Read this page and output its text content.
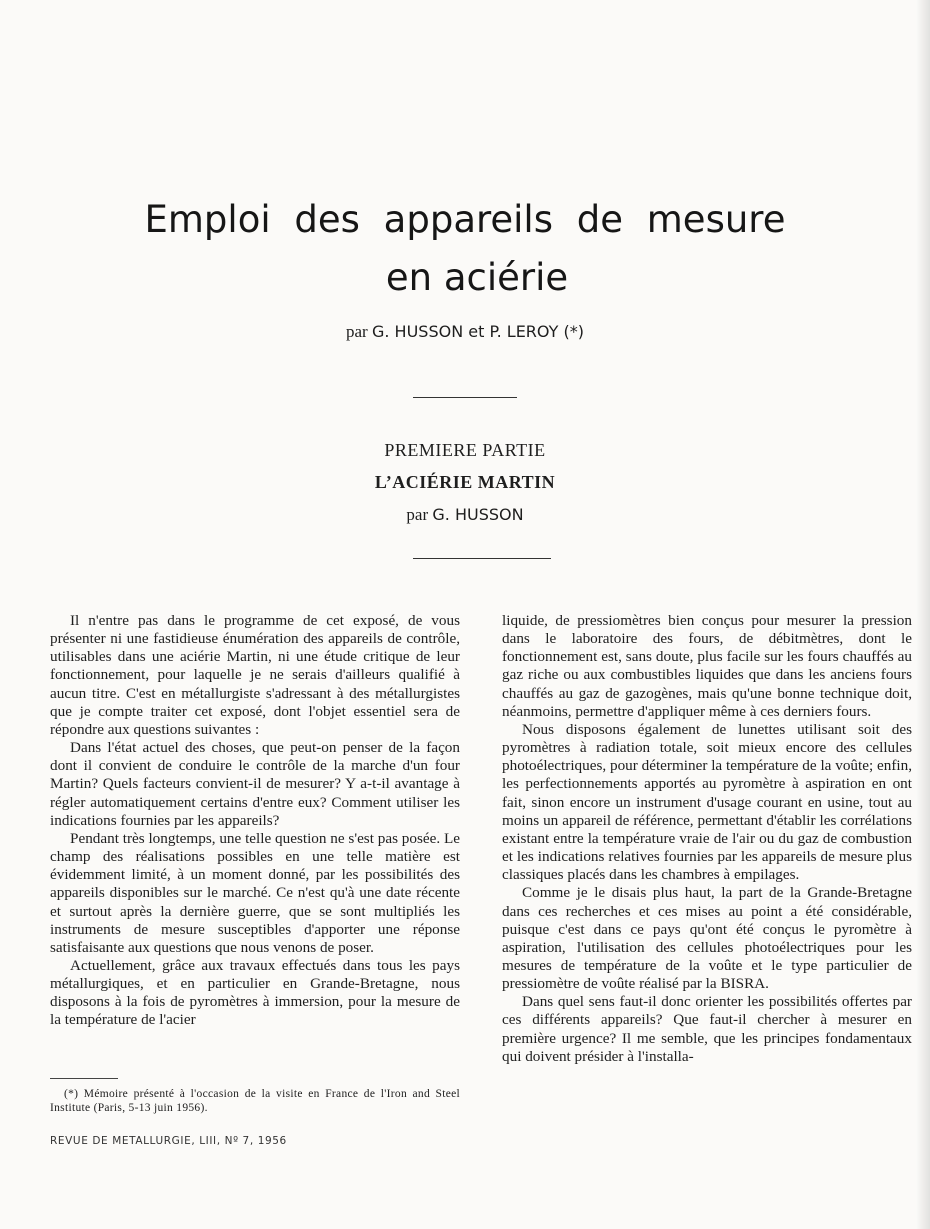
Emploi des appareils de mesure
en aciérie
par G. HUSSON et P. LEROY (*)
PREMIERE PARTIE
L’ACIÉRIE MARTIN
par G. HUSSON

Il n'entre pas dans le programme de cet exposé, de vous présenter ni une fastidieuse énumération des appareils de contrôle, utilisables dans une aciérie Martin, ni une étude critique de leur fonctionnement, pour laquelle je ne serais d'ailleurs qualifié à aucun titre. C'est en métallurgiste s'adressant à des métallurgistes que je compte traiter cet exposé, dont l'objet essentiel sera de répondre aux questions suivantes :

Dans l'état actuel des choses, que peut-on penser de la façon dont il convient de conduire le contrôle de la marche d'un four Martin? Quels facteurs convient-il de mesurer? Y a-t-il avantage à régler automatiquement certains d'entre eux? Comment utiliser les indications fournies par les appareils?

Pendant très longtemps, une telle question ne s'est pas posée. Le champ des réalisations possibles en une telle matière est évidemment limité, à un moment donné, par les possibilités des appareils disponibles sur le marché. Ce n'est qu'à une date récente et surtout après la dernière guerre, que se sont multipliés les instruments de mesure susceptibles d'apporter une réponse satisfaisante aux questions que nous venons de poser.

Actuellement, grâce aux travaux effectués dans tous les pays métallurgiques, et en particulier en Grande-Bretagne, nous disposons à la fois de pyromètres à immersion, pour la mesure de la température de l'acier

liquide, de pressiomètres bien conçus pour mesurer la pression dans le laboratoire des fours, de débitmètres, dont le fonctionnement est, sans doute, plus facile sur les fours chauffés au gaz riche ou aux combustibles liquides que dans les anciens fours chauffés au gaz de gazogènes, mais qu'une bonne technique doit, néanmoins, permettre d'appliquer même à ces derniers fours.

Nous disposons également de lunettes utilisant soit des pyromètres à radiation totale, soit mieux encore des cellules photoélectriques, pour déterminer la température de la voûte; enfin, les perfectionnements apportés au pyromètre à aspiration en ont fait, sinon encore un instrument d'usage courant en usine, tout au moins un appareil de référence, permettant d'établir les corrélations existant entre la température vraie de l'air ou du gaz de combustion et les indications relatives fournies par les appareils de mesure plus classiques placés dans les chambres à empilages.

Comme je le disais plus haut, la part de la Grande-Bretagne dans ces recherches et ces mises au point a été considérable, puisque c'est dans ce pays qu'ont été conçus le pyromètre à aspiration, l'utilisation des cellules photoélectriques pour les mesures de température de la voûte et le type particulier de pressiomètre de voûte réalisé par la BISRA.

Dans quel sens faut-il donc orienter les possibilités offertes par ces différents appareils? Que faut-il chercher à mesurer en première urgence? Il me semble, que les principes fondamentaux qui doivent présider à l'installa-

(*) Mémoire présenté à l'occasion de la visite en France de l'Iron and Steel Institute (Paris, 5-13 juin 1956).
REVUE DE METALLURGIE, LIII, Nº 7, 1956
